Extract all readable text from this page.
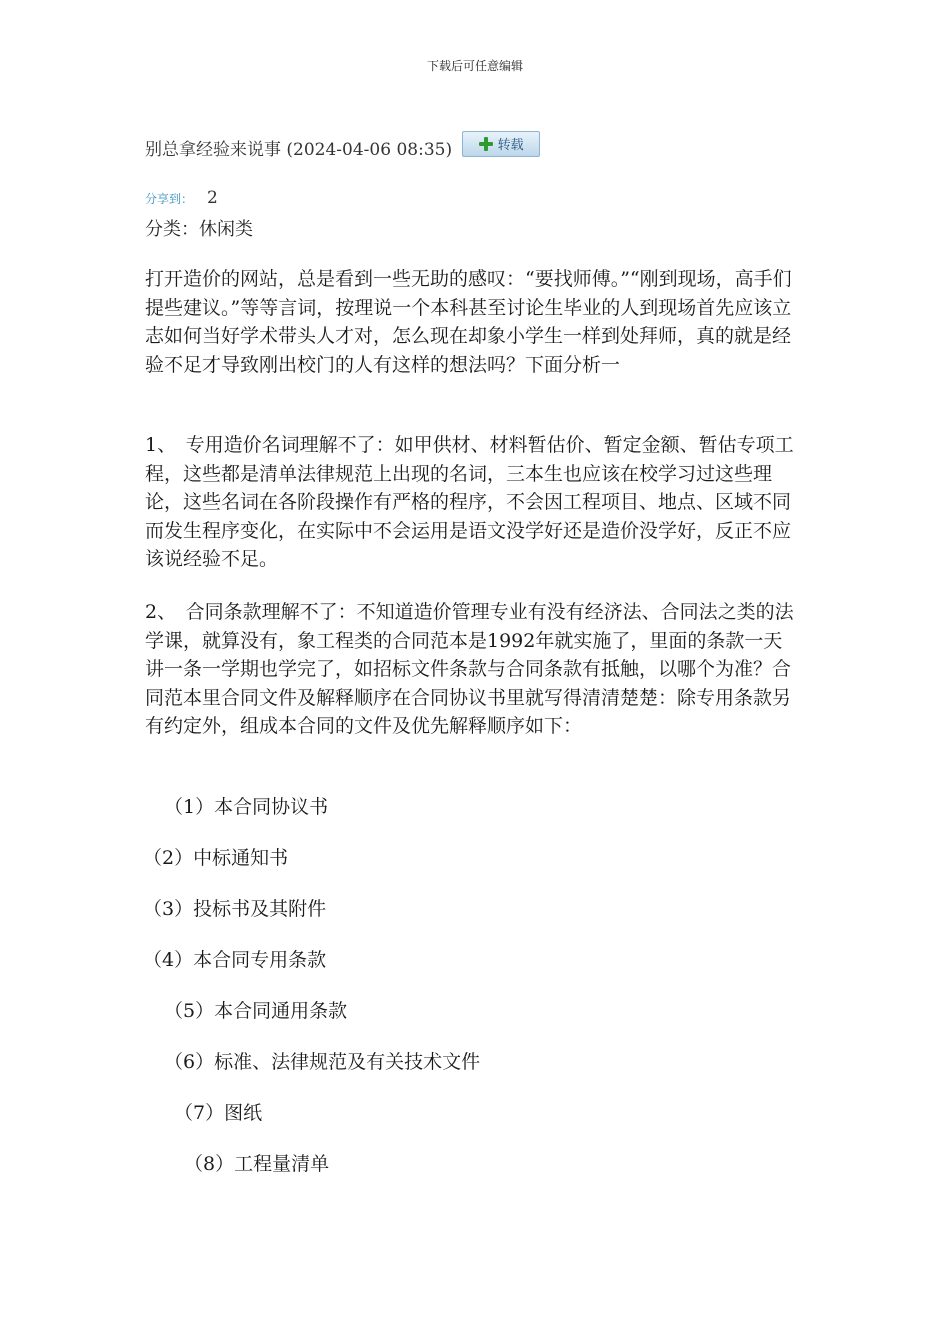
下载后可任意编辑
别总拿经验来说事 (2024-04-06 08:35)	转载
分享到： 2
分类：休闲类

打开造价的网站，总是看到一些无助的感叹：“要找师傅。”“刚到现场，高手们提些建议。”等等言词，按理说一个本科甚至讨论生毕业的人到现场首先应该立志如何当好学术带头人才对，怎么现在却象小学生一样到处拜师，真的就是经验不足才导致刚出校门的人有这样的想法吗？下面分析一

1、　专用造价名词理解不了：如甲供材、材料暂估价、暂定金额、暂估专项工程，这些都是清单法律规范上出现的名词，三本生也应该在校学习过这些理论，这些名词在各阶段操作有严格的程序，不会因工程项目、地点、区域不同而发生程序变化，在实际中不会运用是语文没学好还是造价没学好，反正不应该说经验不足。

2、　合同条款理解不了：不知道造价管理专业有没有经济法、合同法之类的法学课，就算没有，象工程类的合同范本是1992年就实施了，里面的条款一天讲一条一学期也学完了，如招标文件条款与合同条款有抵触，以哪个为准？合同范本里合同文件及解释顺序在合同协议书里就写得清清楚楚：除专用条款另有约定外，组成本合同的文件及优先解释顺序如下：

（1）本合同协议书
（2）中标通知书
（3）投标书及其附件
（4）本合同专用条款
（5）本合同通用条款
（6）标准、法律规范及有关技术文件
（7）图纸
（8）工程量清单
